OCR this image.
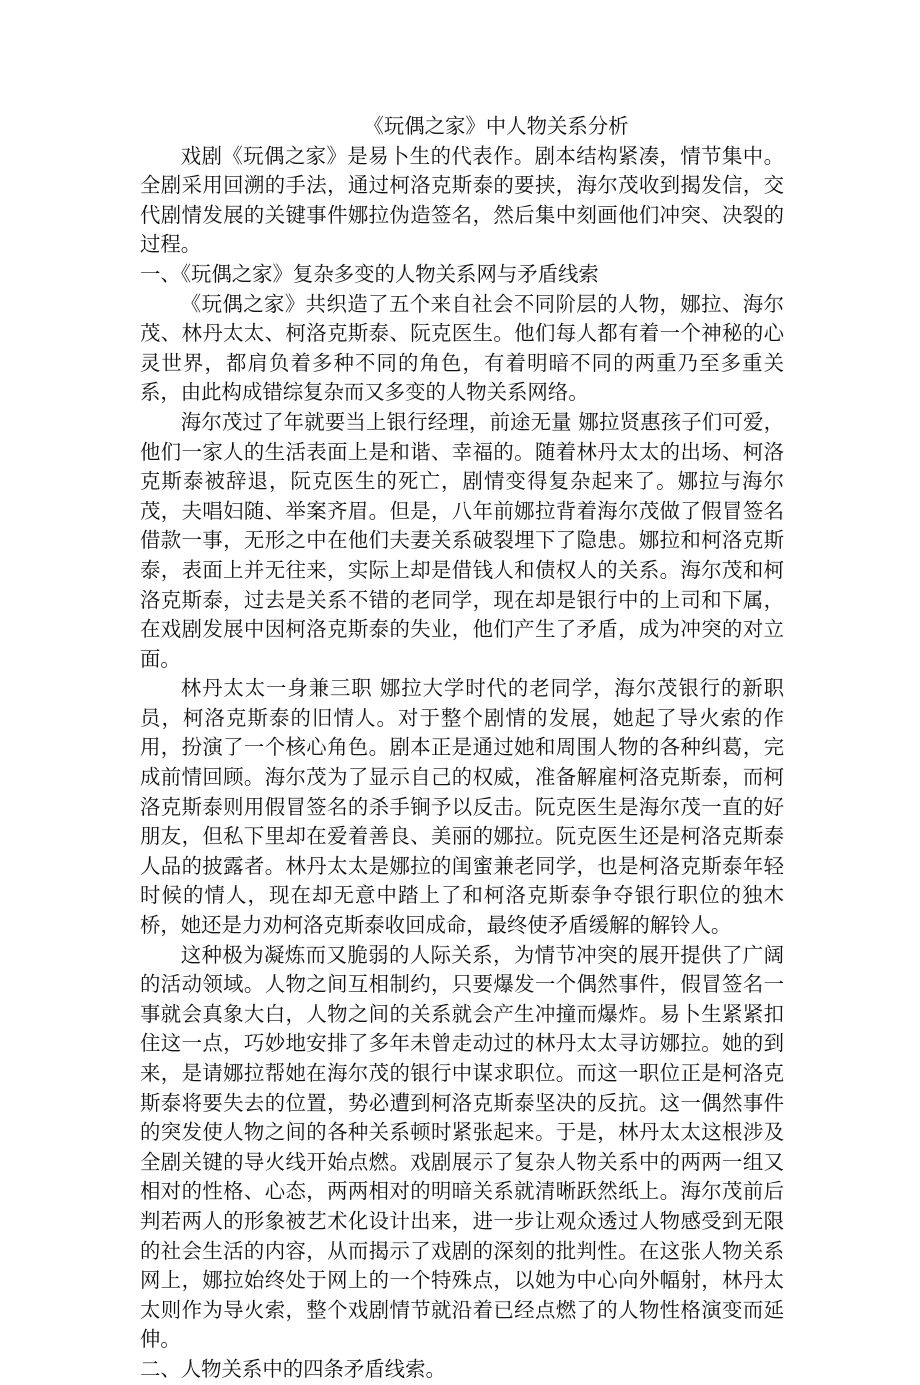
《玩偶之家》中人物关系分析

戏剧《玩偶之家》是易卜生的代表作。剧本结构紧凑，情节集中。全剧采用回溯的手法，通过柯洛克斯泰的要挟，海尔茂收到揭发信，交代剧情发展的关键事件娜拉伪造签名，然后集中刻画他们冲突、决裂的过程。

一、《玩偶之家》复杂多变的人物关系网与矛盾线索

《玩偶之家》共织造了五个来自社会不同阶层的人物，娜拉、海尔茂、林丹太太、柯洛克斯泰、阮克医生。他们每人都有着一个神秘的心灵世界，都肩负着多种不同的角色，有着明暗不同的两重乃至多重关系，由此构成错综复杂而又多变的人物关系网络。

海尔茂过了年就要当上银行经理，前途无量 娜拉贤惠孩子们可爱，他们一家人的生活表面上是和谐、幸福的。随着林丹太太的出场、柯洛克斯泰被辞退，阮克医生的死亡，剧情变得复杂起来了。娜拉与海尔茂，夫唱妇随、举案齐眉。但是，八年前娜拉背着海尔茂做了假冒签名借款一事，无形之中在他们夫妻关系破裂埋下了隐患。娜拉和柯洛克斯泰，表面上并无往来，实际上却是借钱人和债权人的关系。海尔茂和柯洛克斯泰，过去是关系不错的老同学，现在却是银行中的上司和下属，在戏剧发展中因柯洛克斯泰的失业，他们产生了矛盾，成为冲突的对立面。

林丹太太一身兼三职 娜拉大学时代的老同学，海尔茂银行的新职员，柯洛克斯泰的旧情人。对于整个剧情的发展，她起了导火索的作用，扮演了一个核心角色。剧本正是通过她和周围人物的各种纠葛，完成前情回顾。海尔茂为了显示自己的权威，准备解雇柯洛克斯泰，而柯洛克斯泰则用假冒签名的杀手锏予以反击。阮克医生是海尔茂一直的好朋友，但私下里却在爱着善良、美丽的娜拉。阮克医生还是柯洛克斯泰人品的披露者。林丹太太是娜拉的闺蜜兼老同学，也是柯洛克斯泰年轻时候的情人，现在却无意中踏上了和柯洛克斯泰争夺银行职位的独木桥，她还是力劝柯洛克斯泰收回成命，最终使矛盾缓解的解铃人。

这种极为凝炼而又脆弱的人际关系，为情节冲突的展开提供了广阔的活动领域。人物之间互相制约，只要爆发一个偶然事件，假冒签名一事就会真象大白，人物之间的关系就会产生冲撞而爆炸。易卜生紧紧扣住这一点，巧妙地安排了多年未曾走动过的林丹太太寻访娜拉。她的到来，是请娜拉帮她在海尔茂的银行中谋求职位。而这一职位正是柯洛克斯泰将要失去的位置，势必遭到柯洛克斯泰坚决的反抗。这一偶然事件的突发使人物之间的各种关系顿时紧张起来。于是，林丹太太这根涉及全剧关键的导火线开始点燃。戏剧展示了复杂人物关系中的两两一组又相对的性格、心态，两两相对的明暗关系就清晰跃然纸上。海尔茂前后判若两人的形象被艺术化设计出来，进一步让观众透过人物感受到无限的社会生活的内容，从而揭示了戏剧的深刻的批判性。在这张人物关系网上，娜拉始终处于网上的一个特殊点，以她为中心向外幅射，林丹太太则作为导火索，整个戏剧情节就沿着已经点燃了的人物性格演变而延伸。

二、人物关系中的四条矛盾线索。
